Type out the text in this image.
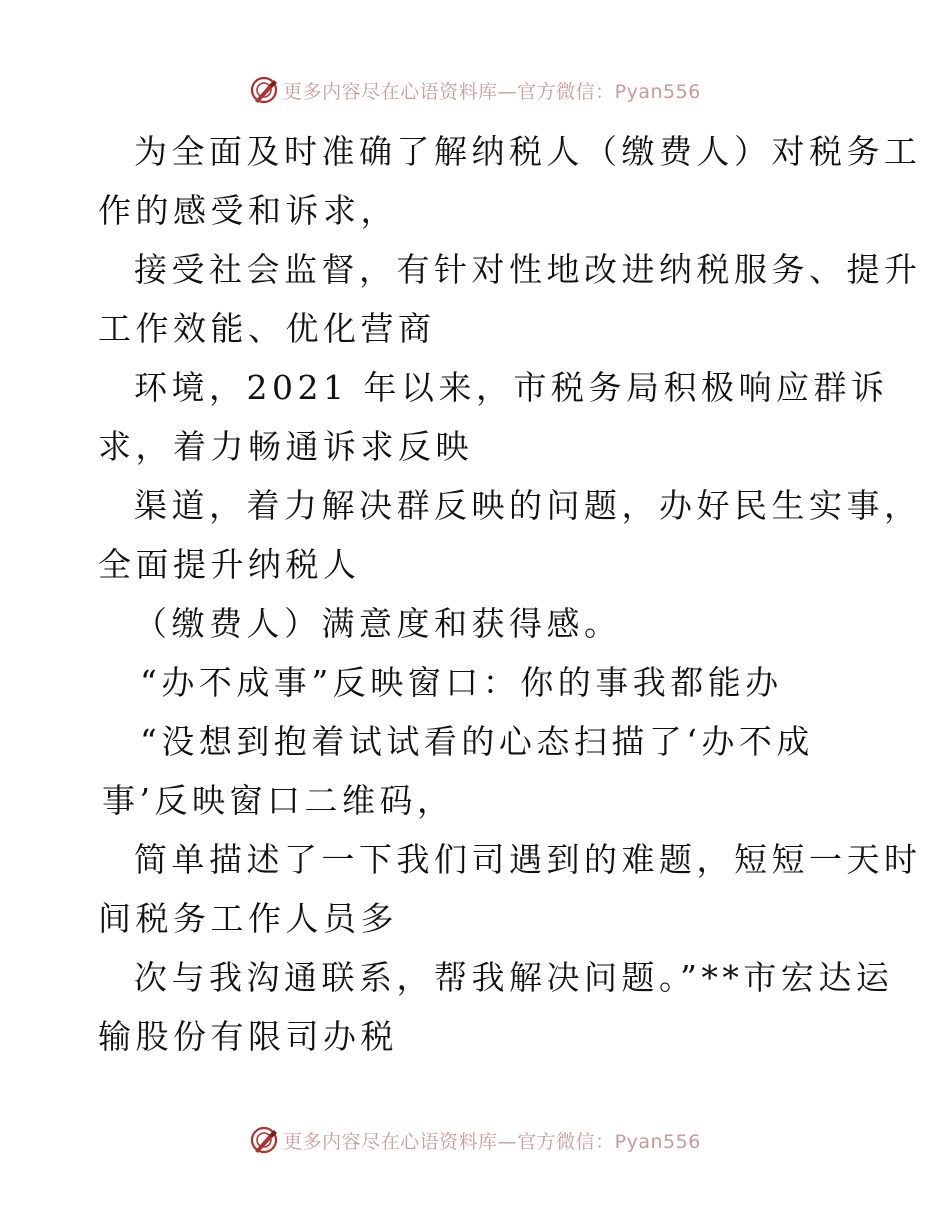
更多内容尽在心语资料库—官方微信：Pyan556
为全面及时准确了解纳税人（缴费人）对税务工
作的感受和诉求，
接受社会监督，有针对性地改进纳税服务、提升
工作效能、优化营商
环境，2021 年以来，市税务局积极响应群诉
求，着力畅通诉求反映
渠道，着力解决群反映的问题，办好民生实事，
全面提升纳税人
（缴费人）满意度和获得感。
“办不成事”反映窗口：你的事我都能办
“没想到抱着试试看的心态扫描了‘办不成
事’反映窗口二维码，
简单描述了一下我们司遇到的难题，短短一天时
间税务工作人员多
次与我沟通联系，帮我解决问题。”**市宏达运
输股份有限司办税
更多内容尽在心语资料库—官方微信：Pyan556
